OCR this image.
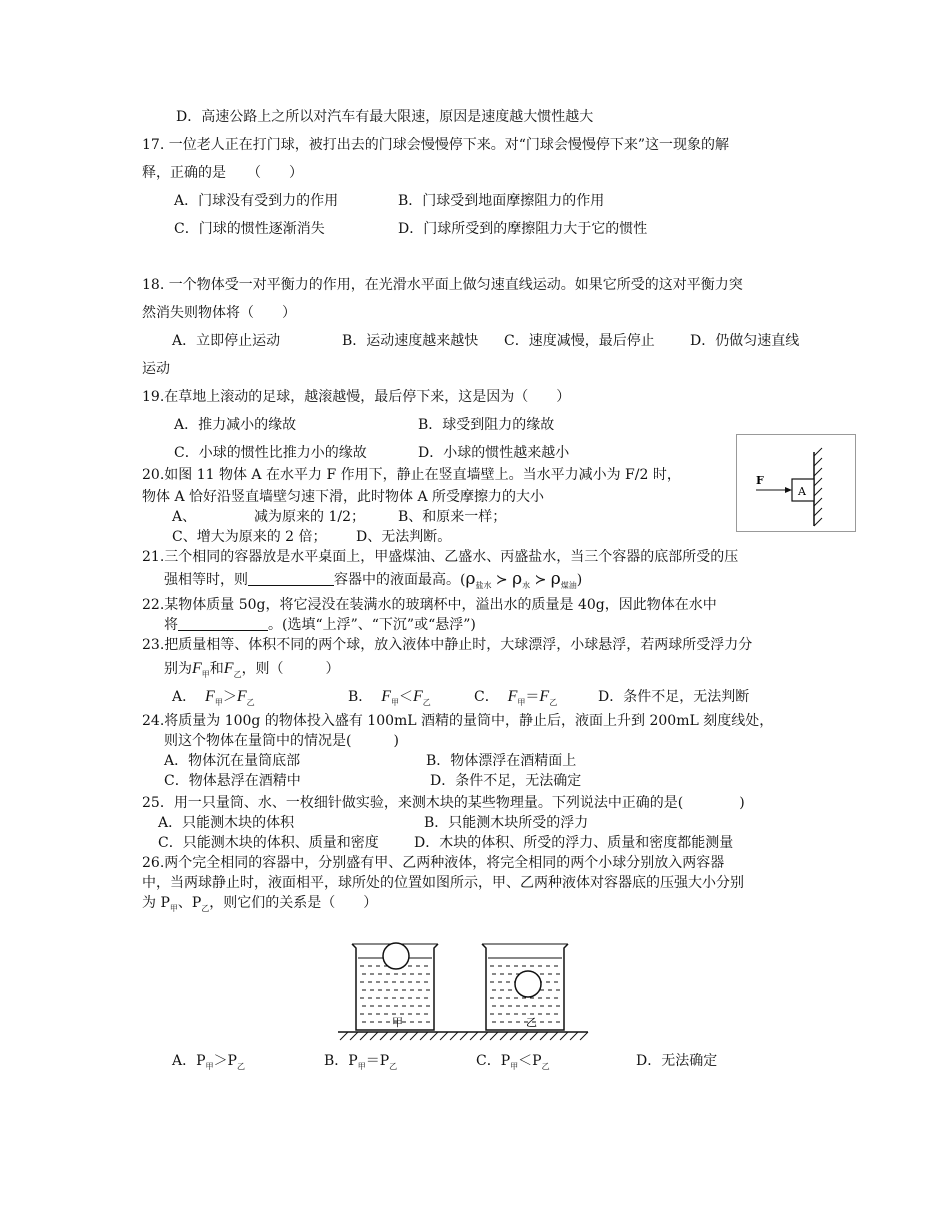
D．高速公路上之所以对汽车有最大限速，原因是速度越大惯性越大
17. 一位老人正在打门球，被打出去的门球会慢慢停下来。对“门球会慢慢停下来”这一现象的解
释，正确的是　　（　　）
A．门球没有受到力的作用	B．门球受到地面摩擦阻力的作用
C．门球的惯性逐渐消失	D．门球所受到的摩擦阻力大于它的惯性
18. 一个物体受一对平衡力的作用，在光滑水平面上做匀速直线运动。如果它所受的这对平衡力突
然消失则物体将（　　）
A．立即停止运动	B．运动速度越来越快 C．速度减慢，最后停止	D．仍做匀速直线
运动
19.在草地上滚动的足球，越滚越慢，最后停下来，这是因为（　　）
A．推力减小的缘故	B．球受到阻力的缘故
C．小球的惯性比推力小的缘故	D．小球的惯性越来越小
A
F
20.如图 11 物体 A 在水平力 F 作用下，静止在竖直墙壁上。当水平力减小为 F/2 时，
物体 A 恰好沿竖直墙壁匀速下滑，此时物体 A 所受摩擦力的大小
A、	减为原来的 1/2； B、和原来一样；
C、增大为原来的 2 倍； D、无法判断。
21.三个相同的容器放是水平桌面上，甲盛煤油、乙盛水、丙盛盐水，当三个容器的底部所受的压
强相等时，则	容器中的液面最高。($\rho_{盐水}$ ≻ $\rho_水$ ≻ $\rho_{煤油}$)
22.某物体质量 50g，将它浸没在装满水的玻璃杯中，溢出水的质量是 40g，因此物体在水中
将	。(选填“上浮”、“下沉”或“悬浮”)
23.把质量相等、体积不同的两个球，放入液体中静止时，大球漂浮，小球悬浮，若两球所受浮力分
别为$F_甲$和$F_乙$，则（　　　）
A． $F_甲>F_乙$	B． $F_甲<F_乙$	C． $F_甲=F_乙$	D．条件不足，无法判断
24.将质量为 100g 的物体投入盛有 100mL 酒精的量筒中，静止后，液面上升到 200mL 刻度线处，
则这个物体在量筒中的情况是(　　　)
A．物体沉在量筒底部	B．物体漂浮在酒精面上
C．物体悬浮在酒精中	D．条件不足，无法确定
25．用一只量筒、水、一枚细针做实验，来测木块的某些物理量。下列说法中正确的是(　　　　)
A．只能测木块的体积	B．只能测木块所受的浮力
C．只能测木块的体积、质量和密度	D．木块的体积、所受的浮力、质量和密度都能测量
26.两个完全相同的容器中，分别盛有甲、乙两种液体，将完全相同的两个小球分别放入两容器
中，当两球静止时，液面相平，球所处的位置如图所示，甲、乙两种液体对容器底的压强大小分别
为 $P_甲$、$P_乙$，则它们的关系是（　　）
甲	乙
A．$P_甲>P_乙$	B．$P_甲=P_乙$	C．$P_甲<P_乙$	D．无法确定
